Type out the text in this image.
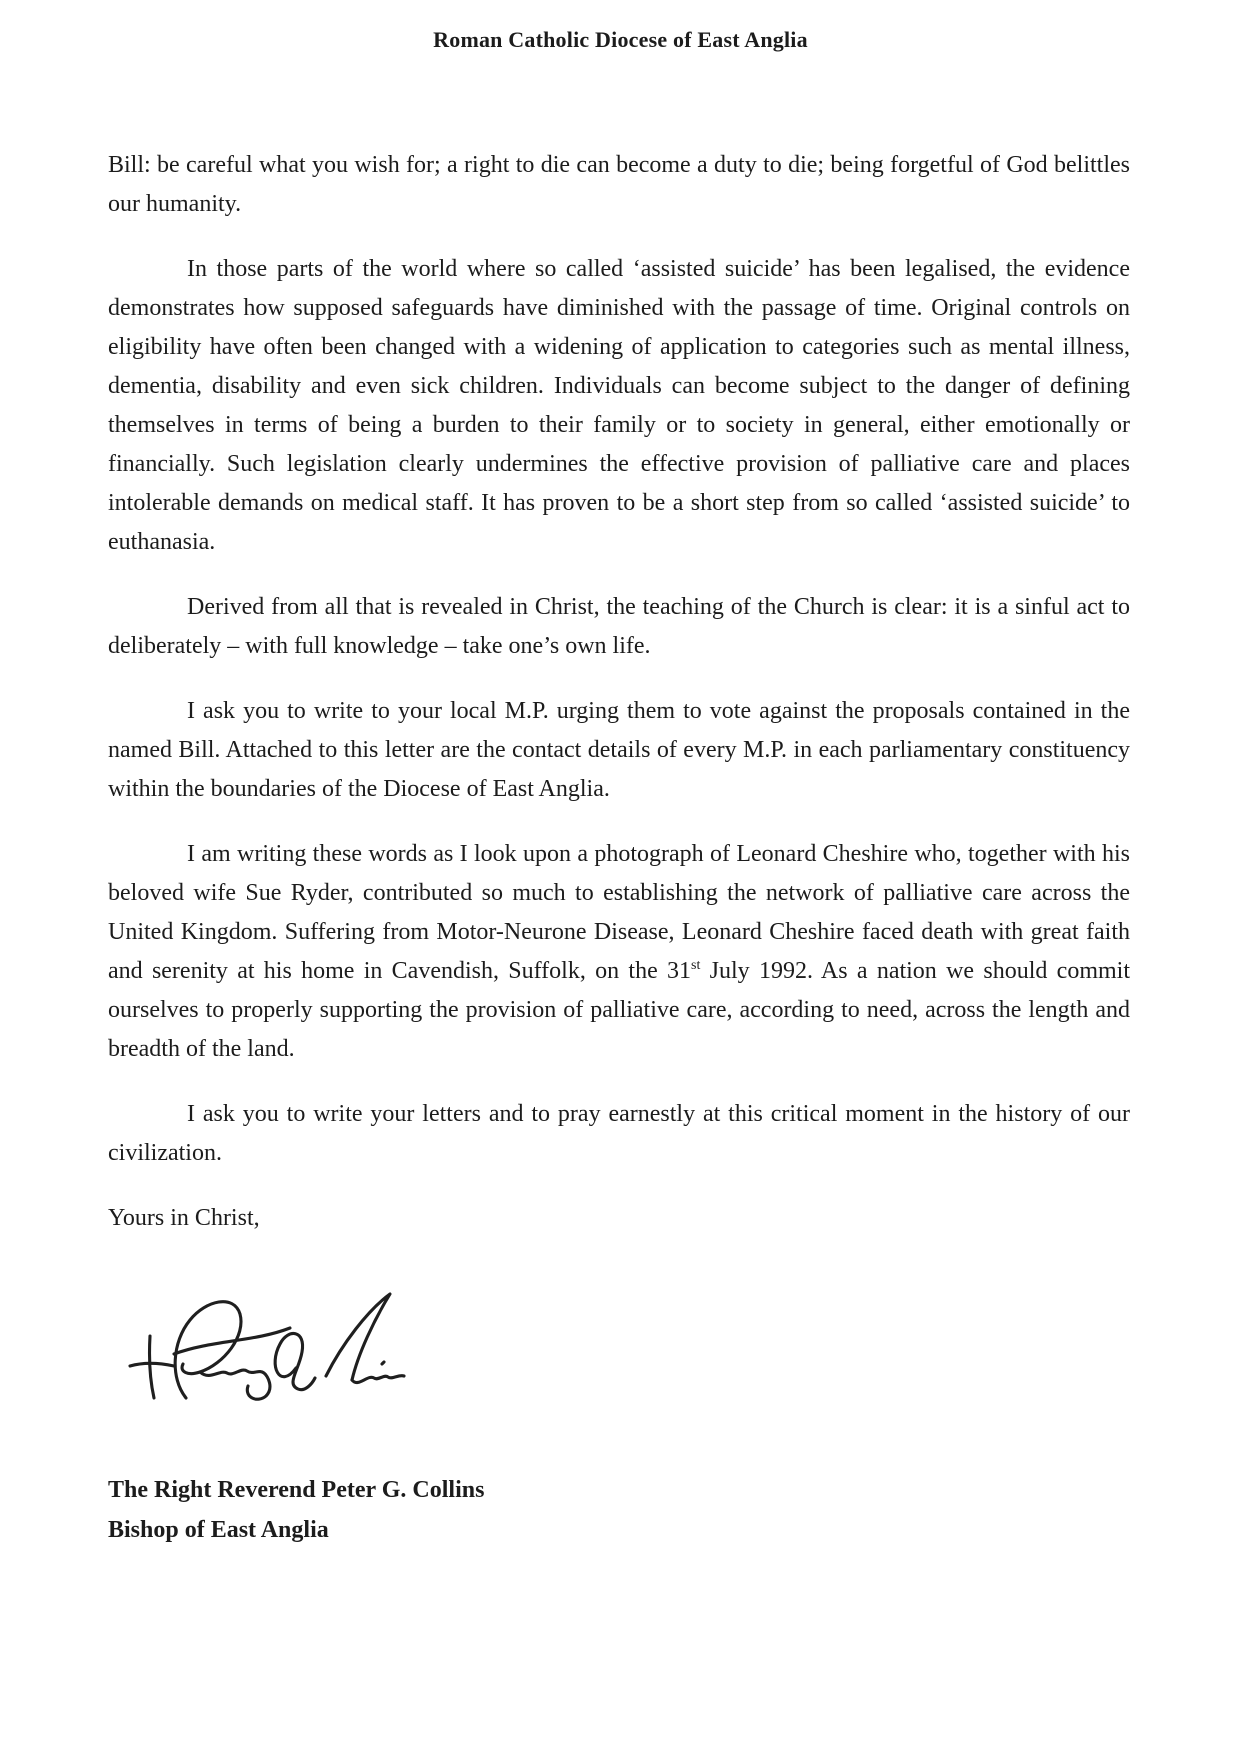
Roman Catholic Diocese of East Anglia

Bill: be careful what you wish for; a right to die can become a duty to die; being forgetful of God belittles our humanity.

In those parts of the world where so called ‘assisted suicide’ has been legalised, the evidence demonstrates how supposed safeguards have diminished with the passage of time. Original controls on eligibility have often been changed with a widening of application to categories such as mental illness, dementia, disability and even sick children. Individuals can become subject to the danger of defining themselves in terms of being a burden to their family or to society in general, either emotionally or financially. Such legislation clearly undermines the effective provision of palliative care and places intolerable demands on medical staff. It has proven to be a short step from so called ‘assisted suicide’ to euthanasia.

Derived from all that is revealed in Christ, the teaching of the Church is clear: it is a sinful act to deliberately – with full knowledge – take one’s own life.

I ask you to write to your local M.P. urging them to vote against the proposals contained in the named Bill. Attached to this letter are the contact details of every M.P. in each parliamentary constituency within the boundaries of the Diocese of East Anglia.

I am writing these words as I look upon a photograph of Leonard Cheshire who, together with his beloved wife Sue Ryder, contributed so much to establishing the network of palliative care across the United Kingdom. Suffering from Motor-Neurone Disease, Leonard Cheshire faced death with great faith and serenity at his home in Cavendish, Suffolk, on the 31st July 1992. As a nation we should commit ourselves to properly supporting the provision of palliative care, according to need, across the length and breadth of the land.

I ask you to write your letters and to pray earnestly at this critical moment in the history of our civilization.

Yours in Christ,

The Right Reverend Peter G. Collins
Bishop of East Anglia
